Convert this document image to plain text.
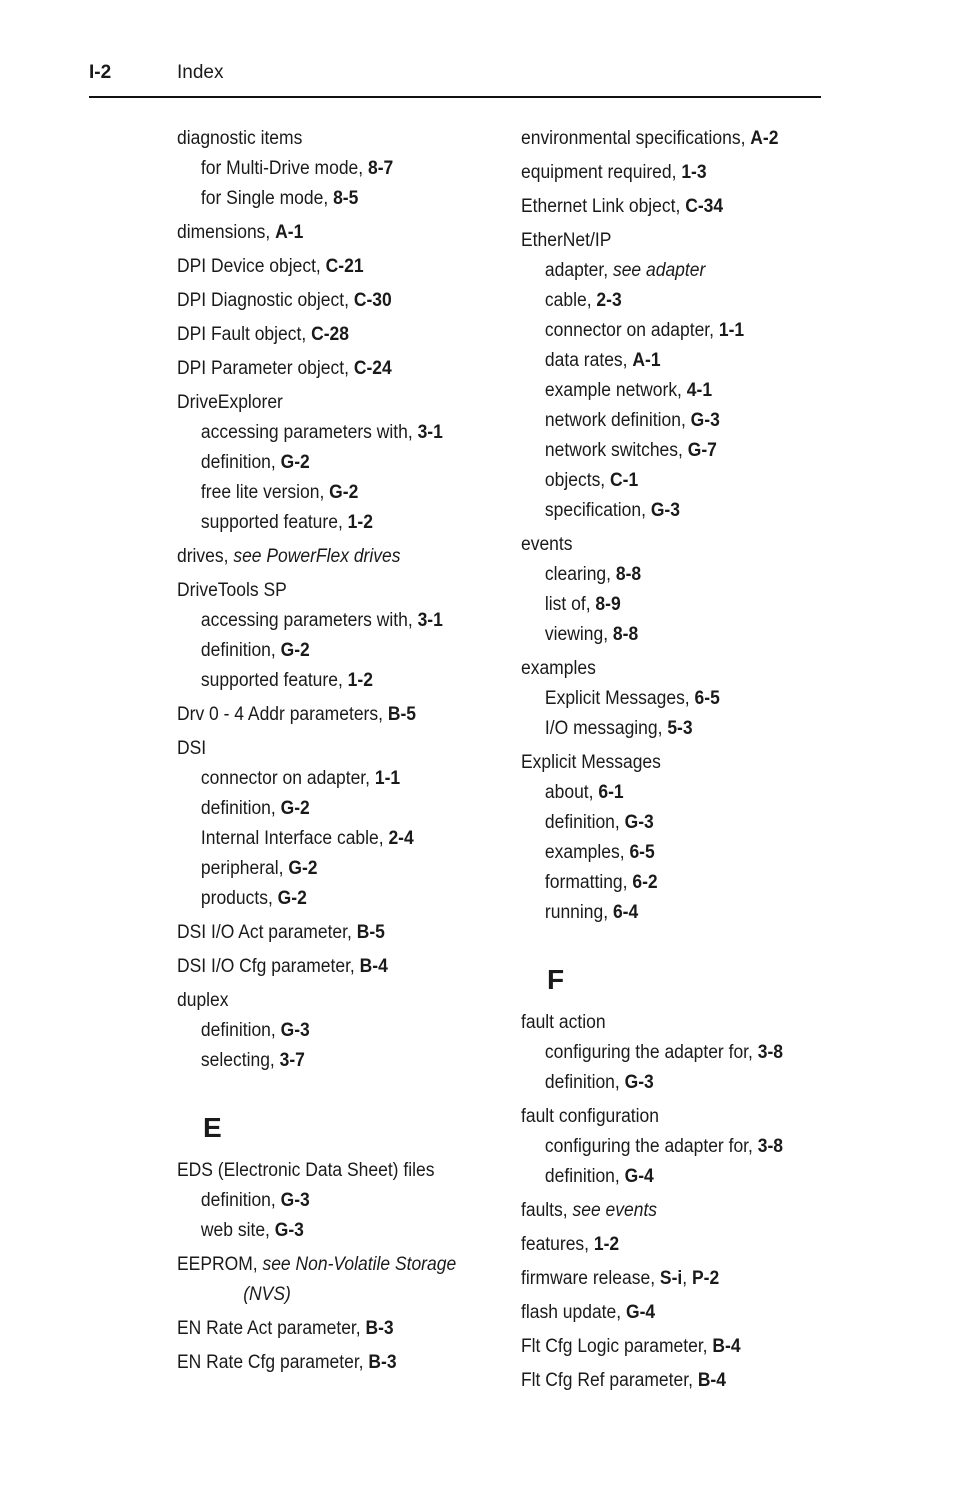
I-2	Index
diagnostic items
for Multi-Drive mode, 8-7
for Single mode, 8-5
dimensions, A-1
DPI Device object, C-21
DPI Diagnostic object, C-30
DPI Fault object, C-28
DPI Parameter object, C-24
DriveExplorer
accessing parameters with, 3-1
definition, G-2
free lite version, G-2
supported feature, 1-2
drives, see PowerFlex drives
DriveTools SP
accessing parameters with, 3-1
definition, G-2
supported feature, 1-2
Drv 0 - 4 Addr parameters, B-5
DSI
connector on adapter, 1-1
definition, G-2
Internal Interface cable, 2-4
peripheral, G-2
products, G-2
DSI I/O Act parameter, B-5
DSI I/O Cfg parameter, B-4
duplex
definition, G-3
selecting, 3-7
E
EDS (Electronic Data Sheet) files
definition, G-3
web site, G-3
EEPROM, see Non-Volatile Storage
(NVS)
EN Rate Act parameter, B-3
EN Rate Cfg parameter, B-3
environmental specifications, A-2
equipment required, 1-3
Ethernet Link object, C-34
EtherNet/IP
adapter, see adapter
cable, 2-3
connector on adapter, 1-1
data rates, A-1
example network, 4-1
network definition, G-3
network switches, G-7
objects, C-1
specification, G-3
events
clearing, 8-8
list of, 8-9
viewing, 8-8
examples
Explicit Messages, 6-5
I/O messaging, 5-3
Explicit Messages
about, 6-1
definition, G-3
examples, 6-5
formatting, 6-2
running, 6-4
F
fault action
configuring the adapter for, 3-8
definition, G-3
fault configuration
configuring the adapter for, 3-8
definition, G-4
faults, see events
features, 1-2
firmware release, S-i, P-2
flash update, G-4
Flt Cfg Logic parameter, B-4
Flt Cfg Ref parameter, B-4
